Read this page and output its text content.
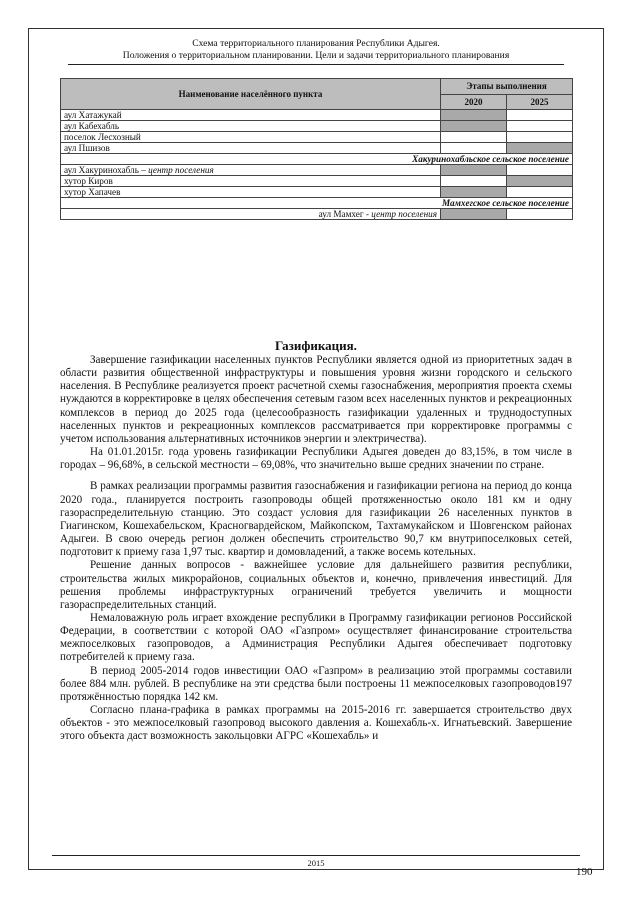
Схема территориального планирования Республики Адыгея.
Положения о территориальном планировании. Цели и задачи территориального планирования
Наименование населённого пункта	Этапы выполнения	
	2020	2025
аул Хатажукай		
аул Кабехабль		
поселок Лесхозный		
аул Пшизов		
Хакуринохабльское сельское поселение		
аул Хакуринохабль – центр поселения		
хутор Киров		
хутор Хапачев		
Мамхегское сельское поселение		
аул Мамхег - центр поселения		
Газификация.

Завершение газификации населенных пунктов Республики является одной из приоритетных задач в области развития общественной инфраструктуры и повышения уровня жизни городского и сельского населения. В Республике реализуется проект расчетной схемы газоснабжения, мероприятия проекта схемы нуждаются в корректировке в целях обеспечения сетевым газом всех населенных пунктов и рекреационных комплексов в период до 2025 года (целесообразность газификации удаленных и труднодоступных населенных пунктов и рекреационных комплексов рассматривается при корректировке программы с учетом использования альтернативных источников энергии и электричества).

На 01.01.2015г. года уровень газификации Республики Адыгея доведен до 83,15%, в том числе в городах – 96,68%, в сельской местности – 69,08%, что значительно выше средних значении по стране.

В рамках реализации программы развития газоснабжения и газификации региона на период до конца 2020 года., планируется построить газопроводы общей протяженностью около 181 км и одну газораспределительную станцию. Это создаст условия для газификации 26 населенных пунктов в Гиагинском, Кошехабельском, Красногвардейском, Майкопском, Тахтамукайском и Шовгенском районах Адыгеи. В свою очередь регион должен обеспечить строительство 90,7 км внутрипоселковых сетей, подготовит к приему газа 1,97 тыс. квартир и домовладений, а также восемь котельных.

Решение данных вопросов - важнейшее условие для дальнейшего развития республики, строительства жилых микрорайонов, социальных объектов и, конечно, привлечения инвестиций. Для решения проблемы инфраструктурных ограничений требуется увеличить и мощности газораспределительных станций.

Немаловажную роль играет вхождение республики в Программу газификации регионов Российской Федерации, в соответствии с которой ОАО «Газпром» осуществляет финансирование строительства межпоселковых газопроводов, а Администрация Республики Адыгея обеспечивает подготовку потребителей к приему газа.

В период 2005-2014 годов инвестиции ОАО «Газпром» в реализацию этой программы составили более 884 млн. рублей. В республике на эти средства были построены 11 межпоселковых газопроводов197 протяжённостью порядка 142 км.

Согласно плана-графика в рамках программы на 2015-2016 гг. завершается строительство двух объектов - это межпоселковый газопровод высокого давления а. Кошехабль-х. Игнатьевский. Завершение этого объекта даст возможность закольцовки АГРС «Кошехабль» и

2015
190
